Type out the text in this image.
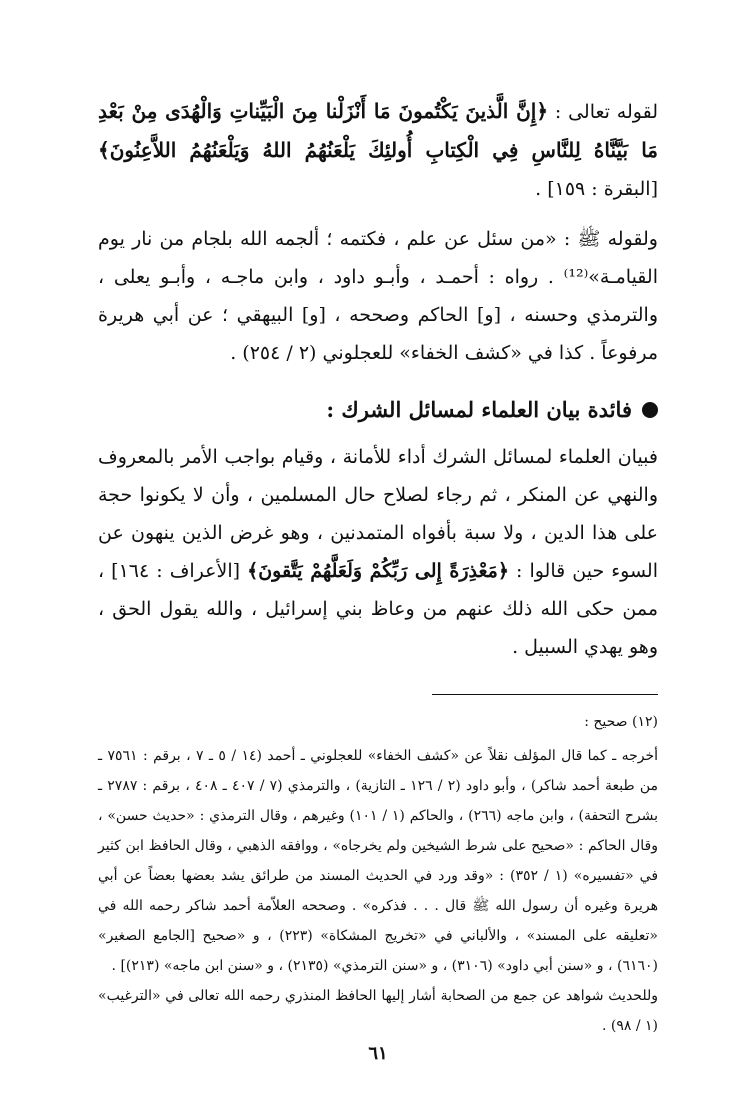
لقوله تعالى : ﴿إِنَّ الَّذينَ يَكْتُمونَ مَا أَنْزَلْنا مِنَ الْبَيِّناتِ وَالْهُدَى مِنْ بَعْدِ مَا بَيَّنَّاهُ لِلنَّاسِ فِي الْكِتابِ أُولئِكَ يَلْعَنُهُمُ اللهُ وَيَلْعَنُهُمُ اللاَّعِنُونَ﴾ [البقرة : ١٥٩] .

ولقوله ﷺ : «من سئل عن علم ، فكتمه ؛ ألجمه الله بلجام من نار يوم القيامـة»⁽¹²⁾ . رواه : أحمـد ، وأبـو داود ، وابن ماجـه ، وأبـو يعلى ، والترمذي وحسنه ، [و] الحاكم وصححه ، [و] البيهقي ؛ عن أبي هريرة مرفوعاً . كذا في «كشف الخفاء» للعجلوني (٢ / ٢٥٤) .

فائدة بيان العلماء لمسائل الشرك :

فبيان العلماء لمسائل الشرك أداء للأمانة ، وقيام بواجب الأمر بالمعروف والنهي عن المنكر ، ثم رجاء لصلاح حال المسلمين ، وأن لا يكونوا حجة على هذا الدين ، ولا سبة بأفواه المتمدنين ، وهو غرض الذين ينهون عن السوء حين قالوا : ﴿مَعْذِرَةً إِلى رَبِّكُمْ وَلَعَلَّهُمْ يَتَّقونَ﴾ [الأعراف : ١٦٤] ، ممن حكى الله ذلك عنهم من وعاظ بني إسرائيل ، والله يقول الحق ، وهو يهدي السبيل .

(١٢) صحيح :

أخرجه ـ كما قال المؤلف نقلاً عن «كشف الخفاء» للعجلوني ـ أحمد (١٤ / ٥ ـ ٧ ، برقم : ٧٥٦١ ـ من طبعة أحمد شاكر) ، وأبو داود (٢ / ١٢٦ ـ التازية) ، والترمذي (٧ / ٤٠٧ ـ ٤٠٨ ، برقم : ٢٧٨٧ ـ بشرح التحفة) ، وابن ماجه (٢٦٦) ، والحاكم (١ / ١٠١) وغيرهم ، وقال الترمذي : «حديث حسن» ، وقال الحاكم : «صحيح على شرط الشيخين ولم يخرجاه» ، ووافقه الذهبي ، وقال الحافظ ابن كثير في «تفسيره» (١ / ٣٥٢) : «وقد ورد في الحديث المسند من طرائق يشد بعضها بعضاً عن أبي هريرة وغيره أن رسول الله ﷺ قال . . . فذكره» . وصححه العلاّمة أحمد شاكر رحمه الله في «تعليقه على المسند» ، والألباني في «تخريج المشكاة» (٢٢٣) ، و «صحيح [الجامع الصغير» (٦١٦٠) ، و «سنن أبي داود» (٣١٠٦) ، و «سنن الترمذي» (٢١٣٥) ، و «سنن ابن ماجه» (٢١٣)] .

وللحديث شواهد عن جمع من الصحابة أشار إليها الحافظ المنذري رحمه الله تعالى في «الترغيب» (١ / ٩٨) .

٦١
